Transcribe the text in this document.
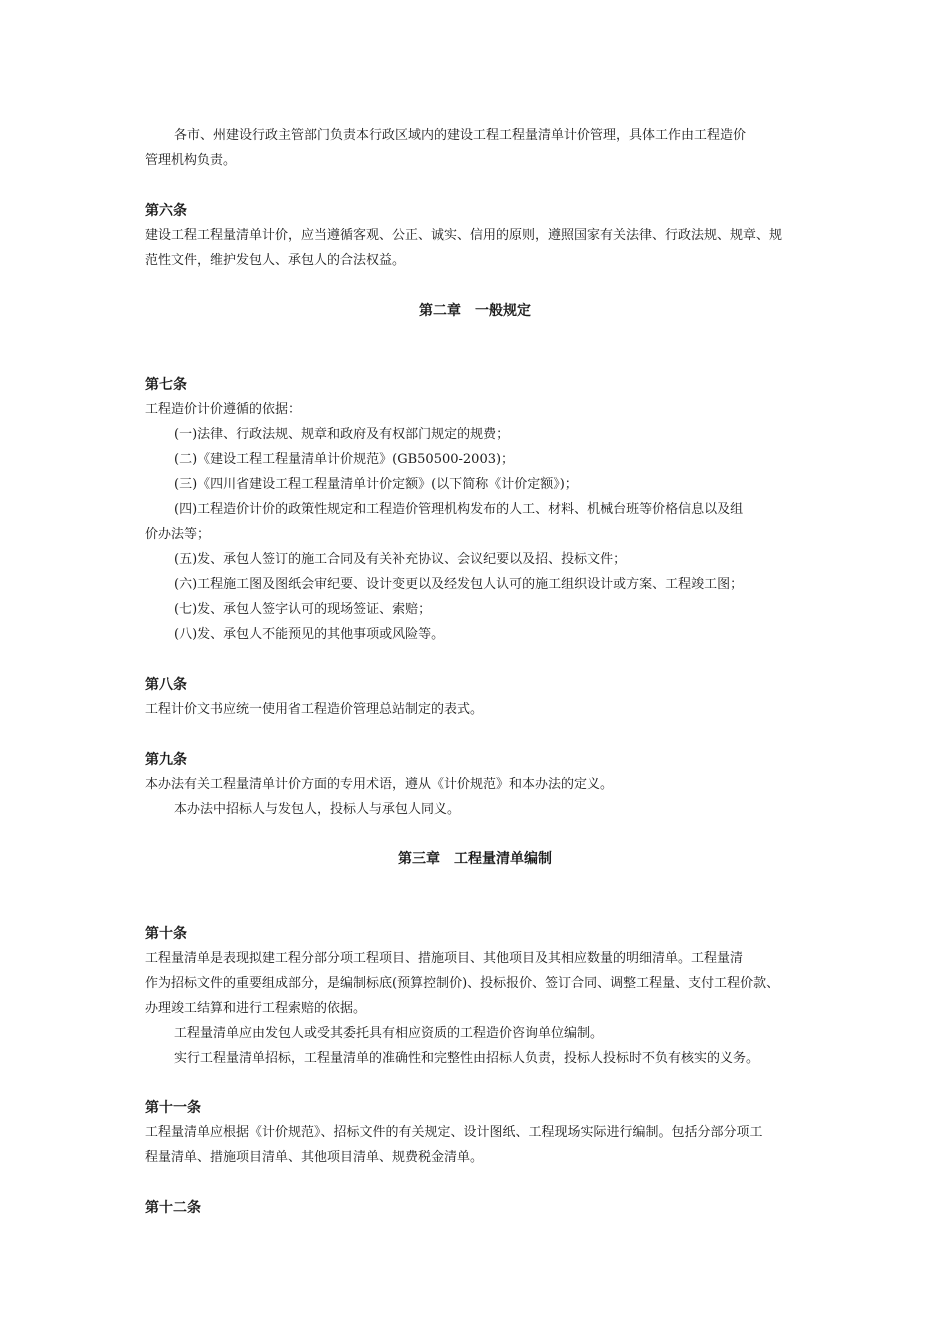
各市、州建设行政主管部门负责本行政区域内的建设工程工程量清单计价管理，具体工作由工程造价
管理机构负责。
第六条
建设工程工程量清单计价，应当遵循客观、公正、诚实、信用的原则，遵照国家有关法律、行政法规、规章、规
范性文件，维护发包人、承包人的合法权益。
第二章　一般规定
第七条
工程造价计价遵循的依据：
(一)法律、行政法规、规章和政府及有权部门规定的规费；
(二)《建设工程工程量清单计价规范》(GB50500-2003)；
(三)《四川省建设工程工程量清单计价定额》(以下简称《计价定额》)；
(四)工程造价计价的政策性规定和工程造价管理机构发布的人工、材料、机械台班等价格信息以及组
价办法等；
(五)发、承包人签订的施工合同及有关补充协议、会议纪要以及招、投标文件；
(六)工程施工图及图纸会审纪要、设计变更以及经发包人认可的施工组织设计或方案、工程竣工图；
(七)发、承包人签字认可的现场签证、索赔；
(八)发、承包人不能预见的其他事项或风险等。
第八条
工程计价文书应统一使用省工程造价管理总站制定的表式。
第九条
本办法有关工程量清单计价方面的专用术语，遵从《计价规范》和本办法的定义。
本办法中招标人与发包人，投标人与承包人同义。
第三章　工程量清单编制
第十条
工程量清单是表现拟建工程分部分项工程项目、措施项目、其他项目及其相应数量的明细清单。工程量清
作为招标文件的重要组成部分，是编制标底(预算控制价)、投标报价、签订合同、调整工程量、支付工程价款、
办理竣工结算和进行工程索赔的依据。
工程量清单应由发包人或受其委托具有相应资质的工程造价咨询单位编制。
实行工程量清单招标，工程量清单的准确性和完整性由招标人负责，投标人投标时不负有核实的义务。
第十一条
工程量清单应根据《计价规范》、招标文件的有关规定、设计图纸、工程现场实际进行编制。包括分部分项工
程量清单、措施项目清单、其他项目清单、规费税金清单。
第十二条
